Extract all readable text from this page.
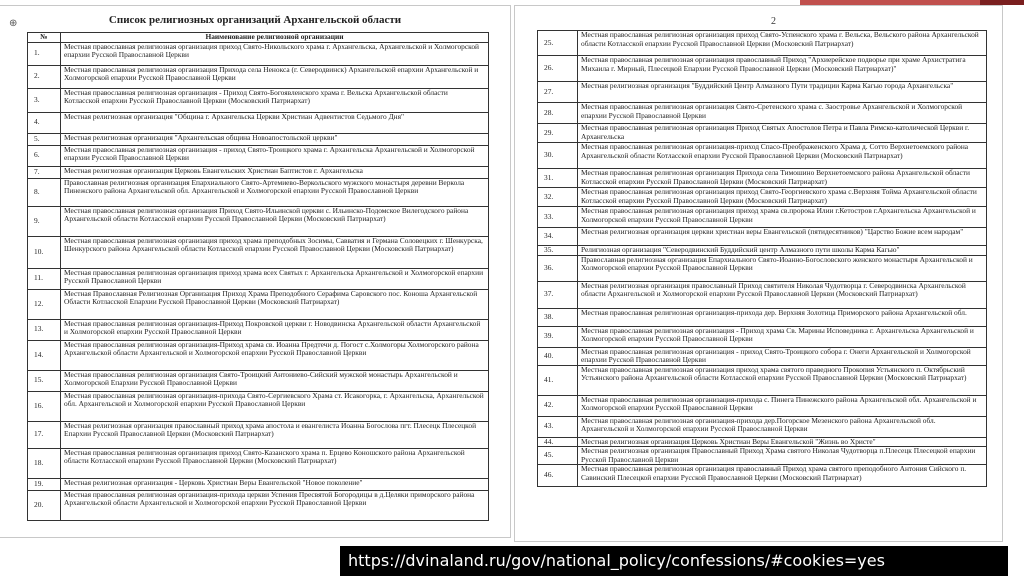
⊕	Список религиозных организаций Архангельской области
№	Наименование религиозной организации
1.	Местная православная религиозная организация приход Свято-Никольского храма г. Архангельска, Архангельской и Холмогорской епархии Русской Православной Церкви
2.	Местная православная религиозная организация Прихода села Ненокса (г. Северодвинск) Архангельской епархии Архангельской и Холмогорской епархии Русской Православной Церкви
3.	Местная православная религиозная организация - Приход Свято-Богоявленского храма г. Вельска Архангельской области Котласской епархии Русской Православной Церкви (Московский Патриархат)
4.	Местная религиозная организация "Община г. Архангельска Церкви Христиан Адвентистов Седьмого Дня"
5.	Местная религиозная организация "Архангельская община Новоапостольской церкви"
6.	Местная православная религиозная организация - приход Свято-Троицкого храма г. Архангельска Архангельской и Холмогорской епархии Русской Православной Церкви
7.	Местная религиозная организация Церковь Евангельских Христиан Баптистов г. Архангельска
8.	Православная религиозная организация Епархиального Свято-Артемиево-Веркольского мужского монастыря деревни Веркола Пинежского района Архангельской обл. Архангельской и Холмогорской епархии Русской Православной Церкви
9.	Местная православная религиозная организация Приход Свято-Ильинской церкви с. Ильинско-Подомское Вилегодского района Архангельской области Котласской епархии Русской Православной Церкви (Московский Патриархат)
10.	Местная православная религиозная организация приход храма преподобных Зосимы, Савватия и Германа Соловецких г. Шенкурска, Шенкурского района Архангельской области Котласской епархии Русской Православной Церкви (Московский Патриархат)
11.	Местная православная религиозная организация приход храма всех Святых г. Архангельска Архангельской и Холмогорской епархии Русской Православной Церкви
12.	Местная Православная Религиозная Организация Приход Храма Преподобного Серафима Саровского пос. Коноша Архангельской Области Котласской Епархии Русской Православной Церкви (Московский Патриархат)
13.	Местная православная религиозная организация-Приход Покровской церкви г. Новодвинска Архангельской области Архангельской и Холмогорской епархии Русской Православной Церкви
14.	Местная православная религиозная организация-Приход храма св. Иоанна Предтечи д. Погост с.Холмогоры Холмогорского района Архангельской области Архангельской и Холмогорской епархии Русской Православной Церкви
15.	Местная православная религиозная организация Свято-Троицкий Антониево-Сийский мужской монастырь Архангельской и Холмогорской Епархии Русской Православной Церкви
16.	Местная православная религиозная организация-прихода Свято-Сергиевского Храма ст. Исакогорка, г. Архангельска, Архангельской обл. Архангельской и Холмогорской епархии Русской Православной Церкви
17.	Местная религиозная организация православный приход храма апостола и евангелиста Иоанна Богослова пгт. Плесецк Плесецкой Епархии Русской Православной Церкви (Московский Патриархат)
18.	Местная православная религиозная организация приход Свято-Казанского храма п. Ерцево Коношского района Архангельской области Котласской епархии Русской Православной Церкви (Московский Патриархат)
19.	Местная религиозная организация - Церковь Христиан Веры Евангельской "Новое поколение"
20.	Местная православная религиозная организация-прихода церкви Успения Пресвятой Богородицы в д.Целяки приморского района Архангельской области Архангельской и Холмогорской епархии Русской Православной Церкви
2
25.	Местная православная религиозная организация приход Свято-Успенского храма г. Вельска, Вельского района Архангельской области Котласской епархии Русской Православной Церкви (Московский Патриархат)
26.	Местная православная религиозная организация православный Приход "Архиерейское подворье при храме Архистратига Михаила г. Мирный, Плесецкой Епархии Русской Православной Церкви (Московский Патриархат)"
27.	Местная религиозная организация "Буддийский Центр Алмазного Пути традиции Карма Кагью города Архангельска"
28.	Местная православная религиозная организация Свято-Сретенского храма с. Заостровье Архангельской и Холмогорской епархии Русской Православной Церкви
29.	Местная православная религиозная организация Приход Святых Апостолов Петра и Павла Римско-католической Церкви г. Архангельска
30.	Местная православная религиозная организация-приход Спасо-Преображенского Храма д. Сотто Верхнетоемского района Архангельской области Котласской епархии Русской Православной Церкви (Московский Патриархат)
31.	Местная православная религиозная организация Прихода села Тимошино Верхнетоемского района Архангельской области Котласской епархии Русской Православной Церкви (Московский Патриархат)
32.	Местная православная религиозная организация приход Свято-Георгиевского храма с.Верхняя Тойма Архангельской области Котласской епархии Русской Православной Церкви (Московский Патриархат)
33.	Местная православная религиозная организация приход храма св.пророка Илии г.Кетостров г.Архангельска Архангельской и Холмогорской епархии Русской Православной Церкви
34.	Местная религиозная организация церкви христиан веры Евангельской (пятидесятников) "Царство Божие всем народам"
35.	Религиозная организация "Северодвинский Буддийский центр Алмазного пути школы Карма Кагью"
36.	Православная религиозная организация Епархиального Свято-Иоанно-Богословского женского монастыря Архангельской и Холмогорской епархии Русской Православной Церкви
37.	Местная религиозная организация православный Приход святителя Николая Чудотворца г. Северодвинска Архангельской области Архангельской и Холмогорской епархии Русской Православной Церкви (Московский Патриархат)
38.	Местная православная религиозная организация-прихода дер. Верхняя Золотица Приморского района Архангельской обл.
39.	Местная православная религиозная организация - Приход храма Св. Марины Исповедника г. Архангельска Архангельской и Холмогорской епархии Русской Православной Церкви
40.	Местная православная религиозная организация - приход Свято-Троицкого собора г. Онеги Архангельской и Холмогорской епархии Русской Православной Церкви
41.	Местная православная религиозная организация приход храма святого праведного Прокопия Устьянского п. Октябрьский Устьянского района Архангельской области Котласской епархии Русской Православной Церкви (Московский Патриархат)
42.	Местная православная религиозная организация-прихода с. Пинега Пинежского района Архангельской обл. Архангельской и Холмогорской епархии Русской Православной Церкви
43.	Местная православная религиозная организация-прихода дер.Погорское Мезенского района Архангельской обл. Архангельской и Холмогорской епархии Русской Православной Церкви
44.	Местная религиозная организация Церковь Христиан Веры Евангельской "Жизнь во Христе"
45.	Местная религиозная организация Православный Приход Храма святого Николая Чудотворца п.Плесецк Плесецкой епархии Русской Православной Церкви
46.	Местная православная религиозная организация православный Приход храма святого преподобного Антония Сийского п. Савинский Плесецкой епархии Русской Православной Церкви (Московский Патриархат)
https://dvinaland.ru/gov/national_policy/confessions/#cookies=yes
